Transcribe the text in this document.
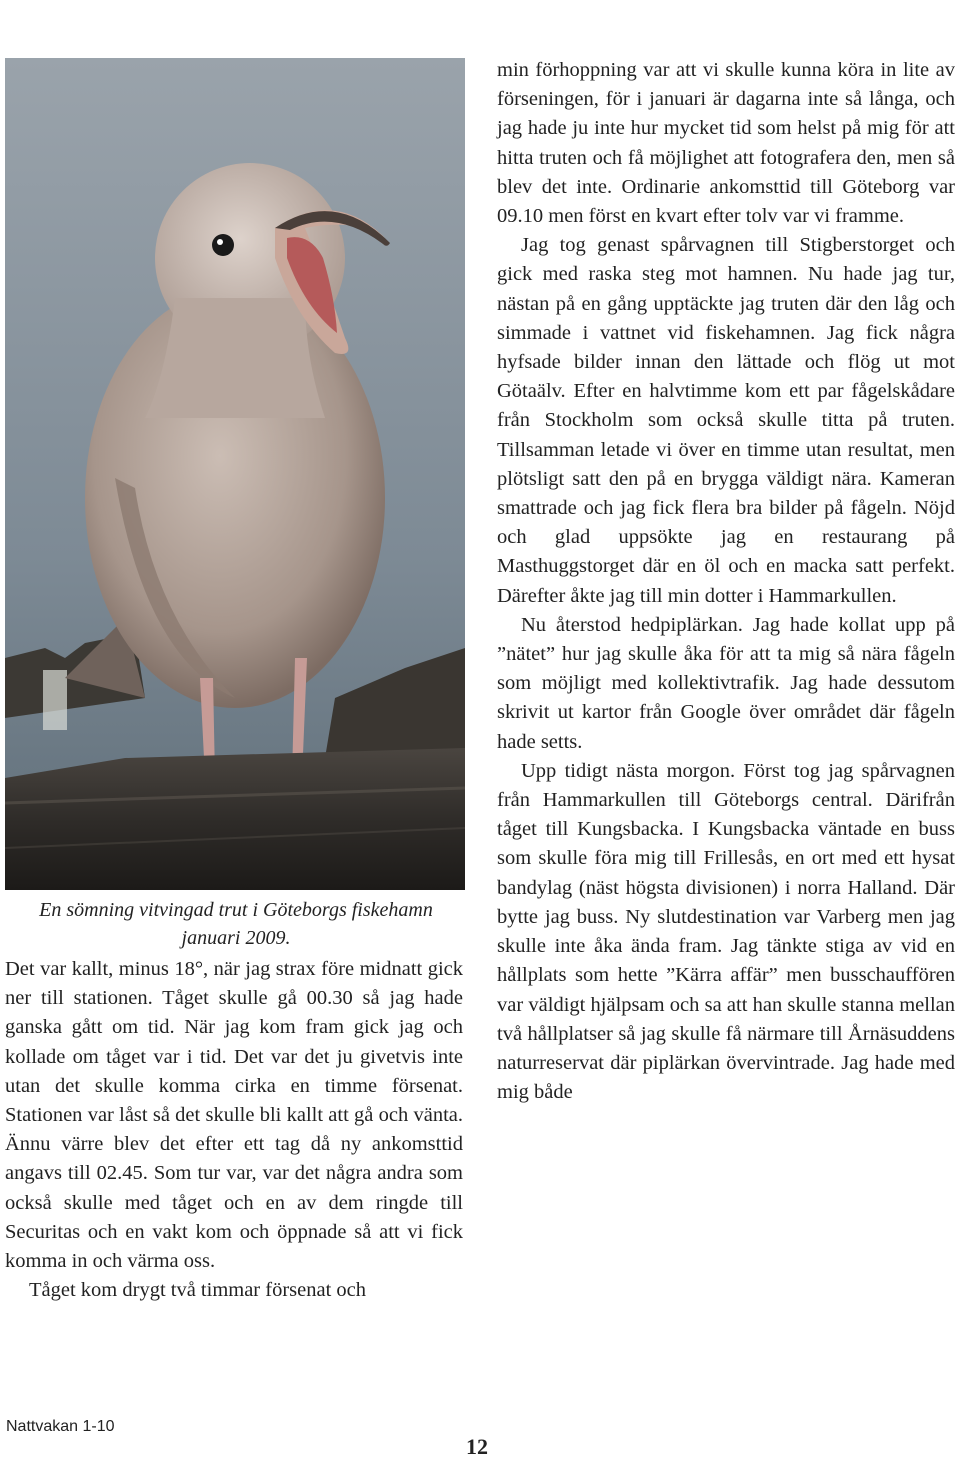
En sömning vitvingad trut i Göteborgs fiskehamn januari 2009.

Det var kallt, minus 18°, när jag strax före midnatt gick ner till stationen. Tåget skulle gå 00.30 så jag hade ganska gått om tid. När jag kom fram gick jag och kollade om tåget var i tid. Det var det ju givetvis inte utan det skulle komma cirka en timme försenat. Stationen var låst så det skulle bli kallt att gå och vänta. Ännu värre blev det efter ett tag då ny ankomsttid angavs till 02.45. Som tur var, var det några andra som också skulle med tåget och en av dem ringde till Securitas och en vakt kom och öppnade så att vi fick komma in och värma oss.

Tåget kom drygt två timmar försenat och

min förhoppning var att vi skulle kunna köra in lite av förseningen, för i januari är dagarna inte så långa, och jag hade ju inte hur mycket tid som helst på mig för att hitta truten och få möjlighet att fotografera den, men så blev det inte. Ordinarie ankomsttid till Göteborg var 09.10 men först en kvart efter tolv var vi framme.

Jag tog genast spårvagnen till Stigberstorget och gick med raska steg mot hamnen. Nu hade jag tur, nästan på en gång upptäckte jag truten där den låg och simmade i vattnet vid fiskehamnen. Jag fick några hyfsade bilder innan den lättade och flög ut mot Götaälv. Efter en halvtimme kom ett par fågelskådare från Stockholm som också skulle titta på truten. Tillsamman letade vi över en timme utan resultat, men plötsligt satt den på en brygga väldigt nära. Kameran smattrade och jag fick flera bra bilder på fågeln. Nöjd och glad uppsökte jag en restaurang på Masthuggstorget där en öl och en macka satt perfekt. Därefter åkte jag till min dotter i Hammarkullen.

Nu återstod hedpiplärkan. Jag hade kollat upp på ”nätet” hur jag skulle åka för att ta mig så nära fågeln som möjligt med kollektivtrafik. Jag hade dessutom skrivit ut kartor från Google över området där fågeln hade setts.

Upp tidigt nästa morgon. Först tog jag spårvagnen från Hammarkullen till Göteborgs central. Därifrån tåget till Kungsbacka. I Kungsbacka väntade en buss som skulle föra mig till Frillesås, en ort med ett hysat bandylag (näst högsta divisionen) i norra Halland. Där bytte jag buss. Ny slutdestination var Varberg men jag skulle inte åka ända fram. Jag tänkte stiga av vid en hållplats som hette ”Kärra affär” men busschauffören var väldigt hjälpsam och sa att han skulle stanna mellan två hållplatser så jag skulle få närmare till Årnäsuddens naturreservat där piplärkan övervintrade. Jag hade med mig både

Nattvakan 1-10
12
